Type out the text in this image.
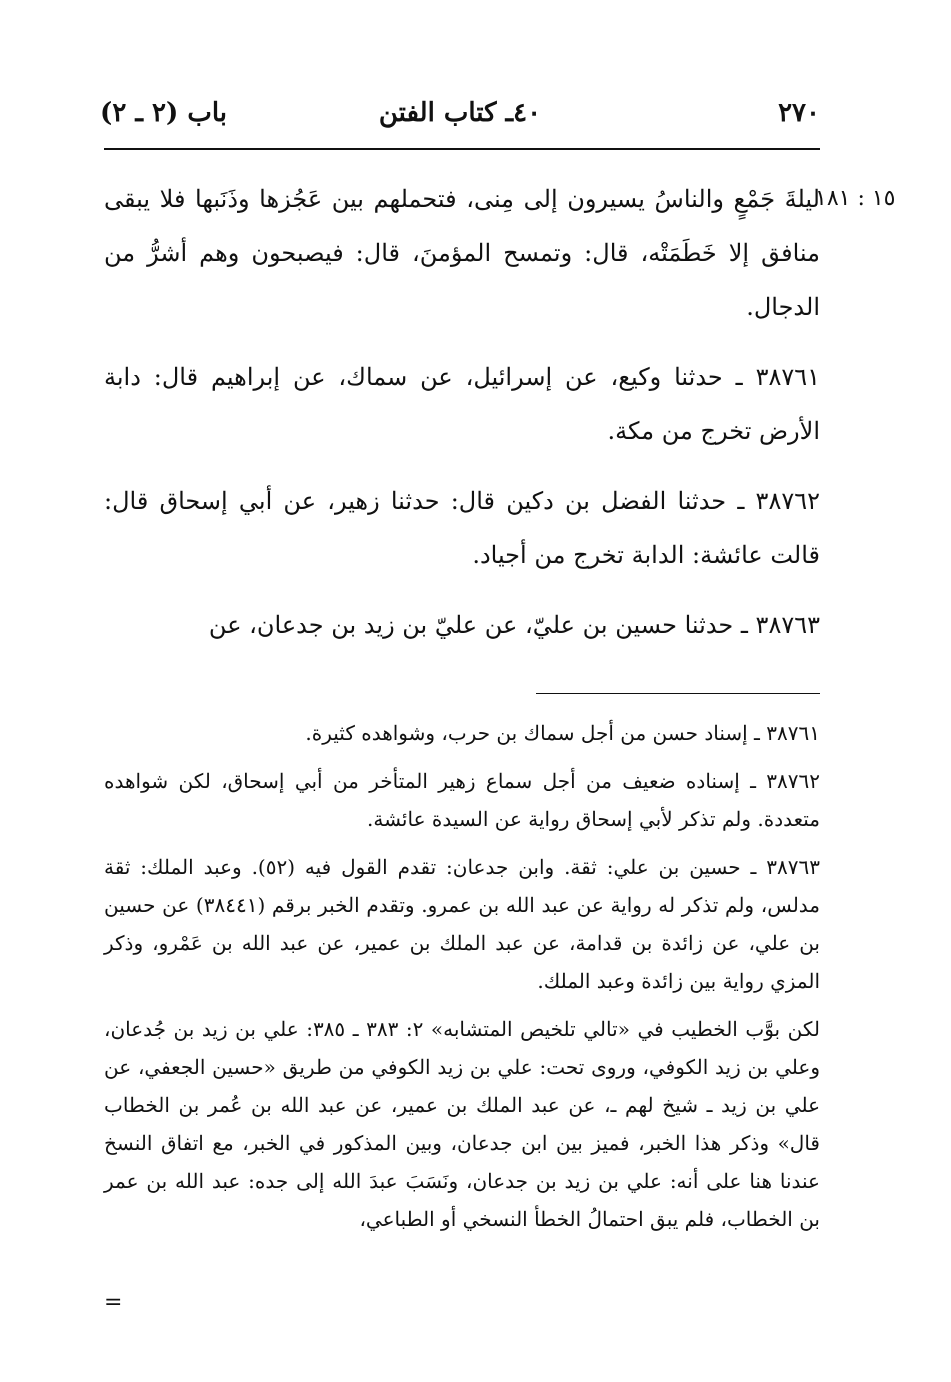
٢٧٠
٤٠ـ كتاب الفتن
باب (٢ ـ ٢)
١٥ : ١٨١

ليلةَ جَمْعٍ والناسُ يسيرون إلى مِنى، فتحملهم بين عَجُزها وذَنَبها فلا يبقى منافق إلا خَطَمَتْه، قال: وتمسح المؤمنَ، قال: فيصبحون وهم أشرُّ من الدجال.

٣٨٧٦١ ـ حدثنا وكيع، عن إسرائيل، عن سماك، عن إبراهيم قال: دابة الأرض تخرج من مكة.

٣٨٧٦٢ ـ حدثنا الفضل بن دكين قال: حدثنا زهير، عن أبي إسحاق قال: قالت عائشة: الدابة تخرج من أجياد.

٣٨٧٦٣ ـ حدثنا حسين بن عليّ، عن عليّ بن زيد بن جدعان، عن

٣٨٧٦١ ـ إسناد حسن من أجل سماك بن حرب، وشواهده كثيرة.

٣٨٧٦٢ ـ إسناده ضعيف من أجل سماع زهير المتأخر من أبي إسحاق، لكن شواهده متعددة. ولم تذكر لأبي إسحاق رواية عن السيدة عائشة.

٣٨٧٦٣ ـ حسين بن علي: ثقة. وابن جدعان: تقدم القول فيه (٥٢). وعبد الملك: ثقة مدلس، ولم تذكر له رواية عن عبد الله بن عمرو. وتقدم الخبر برقم (٣٨٤٤١) عن حسين بن علي، عن زائدة بن قدامة، عن عبد الملك بن عمير، عن عبد الله بن عَمْرو، وذكر المزي رواية بين زائدة وعبد الملك.

لكن بوَّب الخطيب في «تالي تلخيص المتشابه» ٢: ٣٨٣ ـ ٣٨٥: علي بن زيد بن جُدعان، وعلي بن زيد الكوفي، وروى تحت: علي بن زيد الكوفي من طريق «حسين الجعفي، عن علي بن زيد ـ شيخ لهم ـ، عن عبد الملك بن عمير، عن عبد الله بن عُمر بن الخطاب قال» وذكر هذا الخبر، فميز بين ابن جدعان، وبين المذكور في الخبر، مع اتفاق النسخ عندنا هنا على أنه: علي بن زيد بن جدعان، ونَسَبَ عبدَ الله إلى جده: عبد الله بن عمر بن الخطاب، فلم يبق احتمالُ الخطأ النسخي أو الطباعي،

=
